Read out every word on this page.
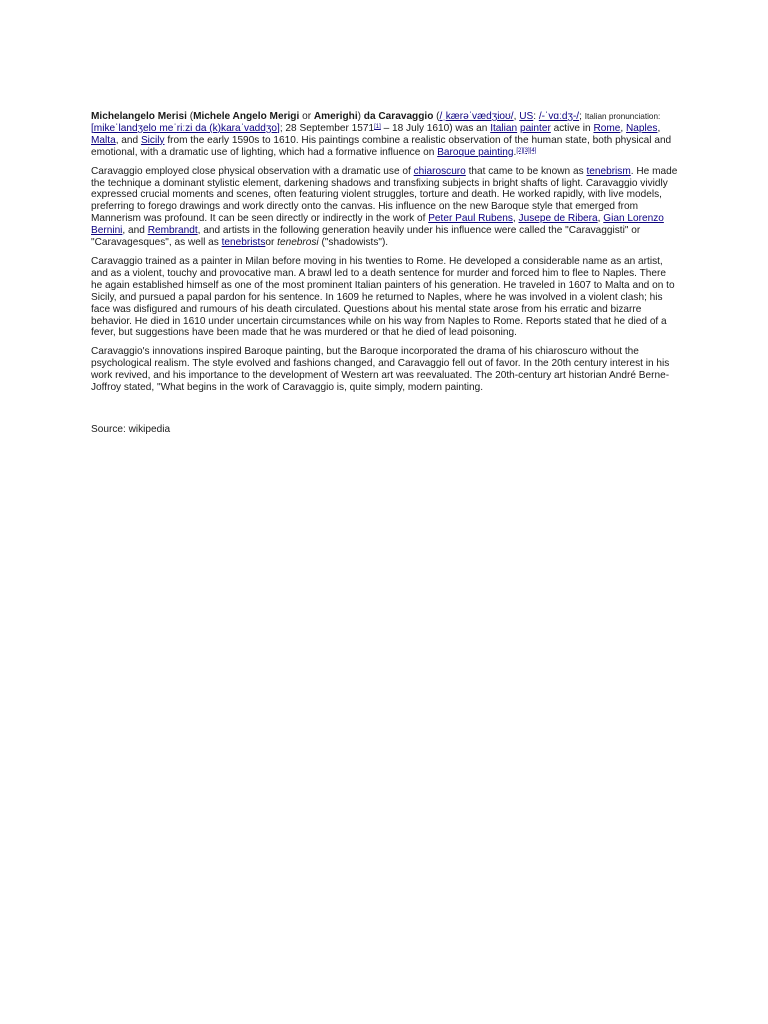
Michelangelo Merisi (Michele Angelo Merigi or Amerighi) da Caravaggio (/ˌkærəˈvædʒioʊ/, US: /-ˈvɑːdʒ-/; Italian pronunciation: [mikeˈlandʒelo meˈriːzi da (k)karaˈvaddʒo]; 28 September 1571[1] – 18 July 1610) was an Italian painter active in Rome, Naples, Malta, and Sicily from the early 1590s to 1610. His paintings combine a realistic observation of the human state, both physical and emotional, with a dramatic use of lighting, which had a formative influence on Baroque painting.[2][3][4]

Caravaggio employed close physical observation with a dramatic use of chiaroscuro that came to be known as tenebrism. He made the technique a dominant stylistic element, darkening shadows and transfixing subjects in bright shafts of light. Caravaggio vividly expressed crucial moments and scenes, often featuring violent struggles, torture and death. He worked rapidly, with live models, preferring to forego drawings and work directly onto the canvas. His influence on the new Baroque style that emerged from Mannerism was profound. It can be seen directly or indirectly in the work of Peter Paul Rubens, Jusepe de Ribera, Gian Lorenzo Bernini, and Rembrandt, and artists in the following generation heavily under his influence were called the "Caravaggisti" or "Caravagesques", as well as tenebristsor tenebrosi ("shadowists").

Caravaggio trained as a painter in Milan before moving in his twenties to Rome. He developed a considerable name as an artist, and as a violent, touchy and provocative man. A brawl led to a death sentence for murder and forced him to flee to Naples. There he again established himself as one of the most prominent Italian painters of his generation. He traveled in 1607 to Malta and on to Sicily, and pursued a papal pardon for his sentence. In 1609 he returned to Naples, where he was involved in a violent clash; his face was disfigured and rumours of his death circulated. Questions about his mental state arose from his erratic and bizarre behavior. He died in 1610 under uncertain circumstances while on his way from Naples to Rome. Reports stated that he died of a fever, but suggestions have been made that he was murdered or that he died of lead poisoning.

Caravaggio's innovations inspired Baroque painting, but the Baroque incorporated the drama of his chiaroscuro without the psychological realism. The style evolved and fashions changed, and Caravaggio fell out of favor. In the 20th century interest in his work revived, and his importance to the development of Western art was reevaluated. The 20th-century art historian André Berne-Joffroy stated, "What begins in the work of Caravaggio is, quite simply, modern painting.

Source: wikipedia
